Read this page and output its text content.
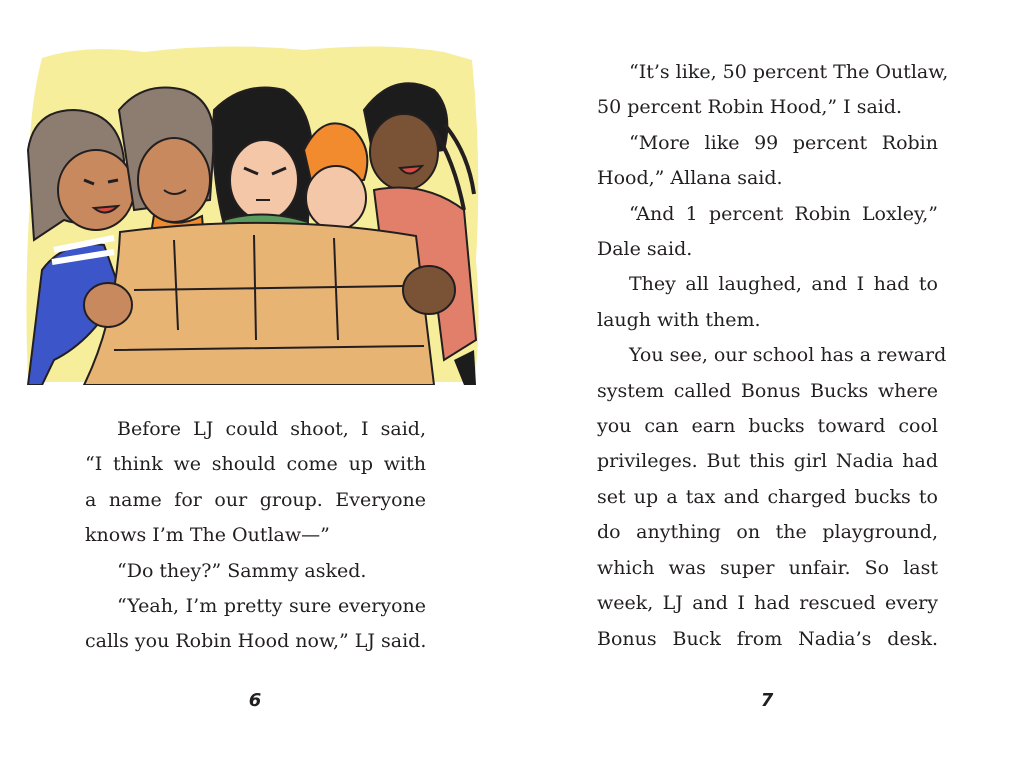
Before LJ could shoot, I said,

“I think we should come up with

a name for our group. Everyone

knows I’m The Outlaw—”

“Do they?” Sammy asked.

“Yeah, I’m pretty sure everyone

calls you Robin Hood now,” LJ said.

6

“It’s like, 50 percent The Outlaw,

50 percent Robin Hood,” I said.

“More like 99 percent Robin

Hood,” Allana said.

“And 1 percent Robin Loxley,”

Dale said.

They all laughed, and I had to

laugh with them.

You see, our school has a reward

system called Bonus Bucks where

you can earn bucks toward cool

privileges. But this girl Nadia had

set up a tax and charged bucks to

do anything on the playground,

which was super unfair. So last

week, LJ and I had rescued every

Bonus Buck from Nadia’s desk.

7
